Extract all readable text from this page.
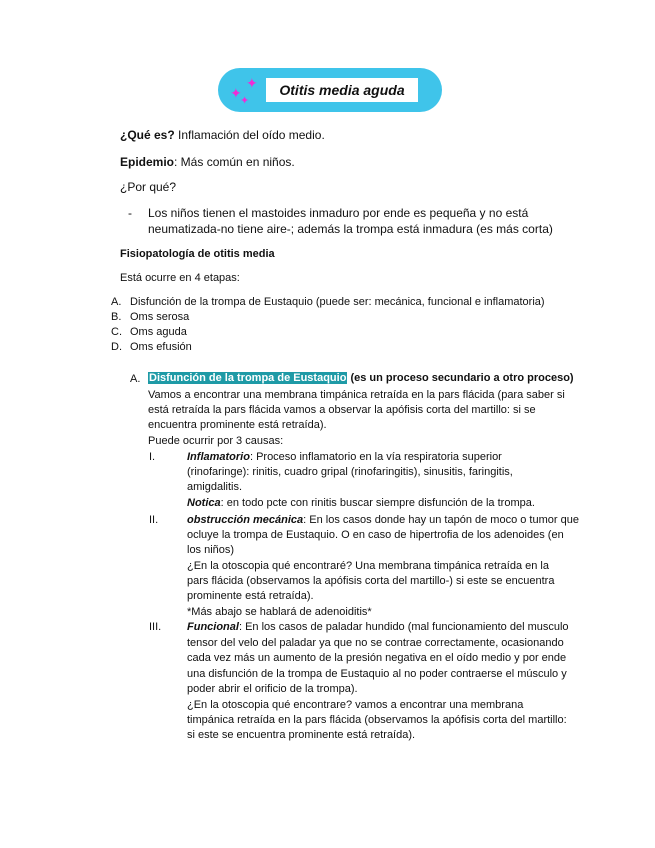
✦
✦
✦
Otitis media aguda
¿Qué es? Inflamación del oído medio.
Epidemio: Más común en niños.
¿Por qué?
- Los niños tienen el mastoides inmaduro por ende es pequeña y no está
neumatizada-no tiene aire-; además la trompa está inmadura (es más corta)
Fisiopatología de otitis media
Está ocurre en 4 etapas:
A. Disfunción de la trompa de Eustaquio (puede ser: mecánica, funcional e inflamatoria)
B. Oms serosa
C. Oms aguda
D. Oms efusión
A. Disfunción de la trompa de Eustaquio (es un proceso secundario a otro proceso)
Vamos a encontrar una membrana timpánica retraída en la pars flácida (para saber si
está retraída la pars flácida vamos a observar la apófisis corta del martillo: si se
encuentra prominente está retraída).
Puede ocurrir por 3 causas:
I.	Inflamatorio: Proceso inflamatorio en la vía respiratoria superior
(rinofaringe): rinitis, cuadro gripal (rinofaringitis), sinusitis, faringitis,
amigdalitis.
Notica: en todo pcte con rinitis buscar siempre disfunción de la trompa.
II.	obstrucción mecánica: En los casos donde hay un tapón de moco o tumor que
ocluye la trompa de Eustaquio. O en caso de hipertrofia de los adenoides (en
los niños)
¿En la otoscopia qué encontraré? Una membrana timpánica retraída en la
pars flácida (observamos la apófisis corta del martillo-) si este se encuentra
prominente está retraída).
*Más abajo se hablará de adenoiditis*
III. Funcional: En los casos de paladar hundido (mal funcionamiento del musculo
tensor del velo del paladar ya que no se contrae correctamente, ocasionando
cada vez más un aumento de la presión negativa en el oído medio y por ende
una disfunción de la trompa de Eustaquio al no poder contraerse el músculo y
poder abrir el orificio de la trompa).
¿En la otoscopia qué encontrare? vamos a encontrar una membrana
timpánica retraída en la pars flácida (observamos la apófisis corta del martillo:
si este se encuentra prominente está retraída).
